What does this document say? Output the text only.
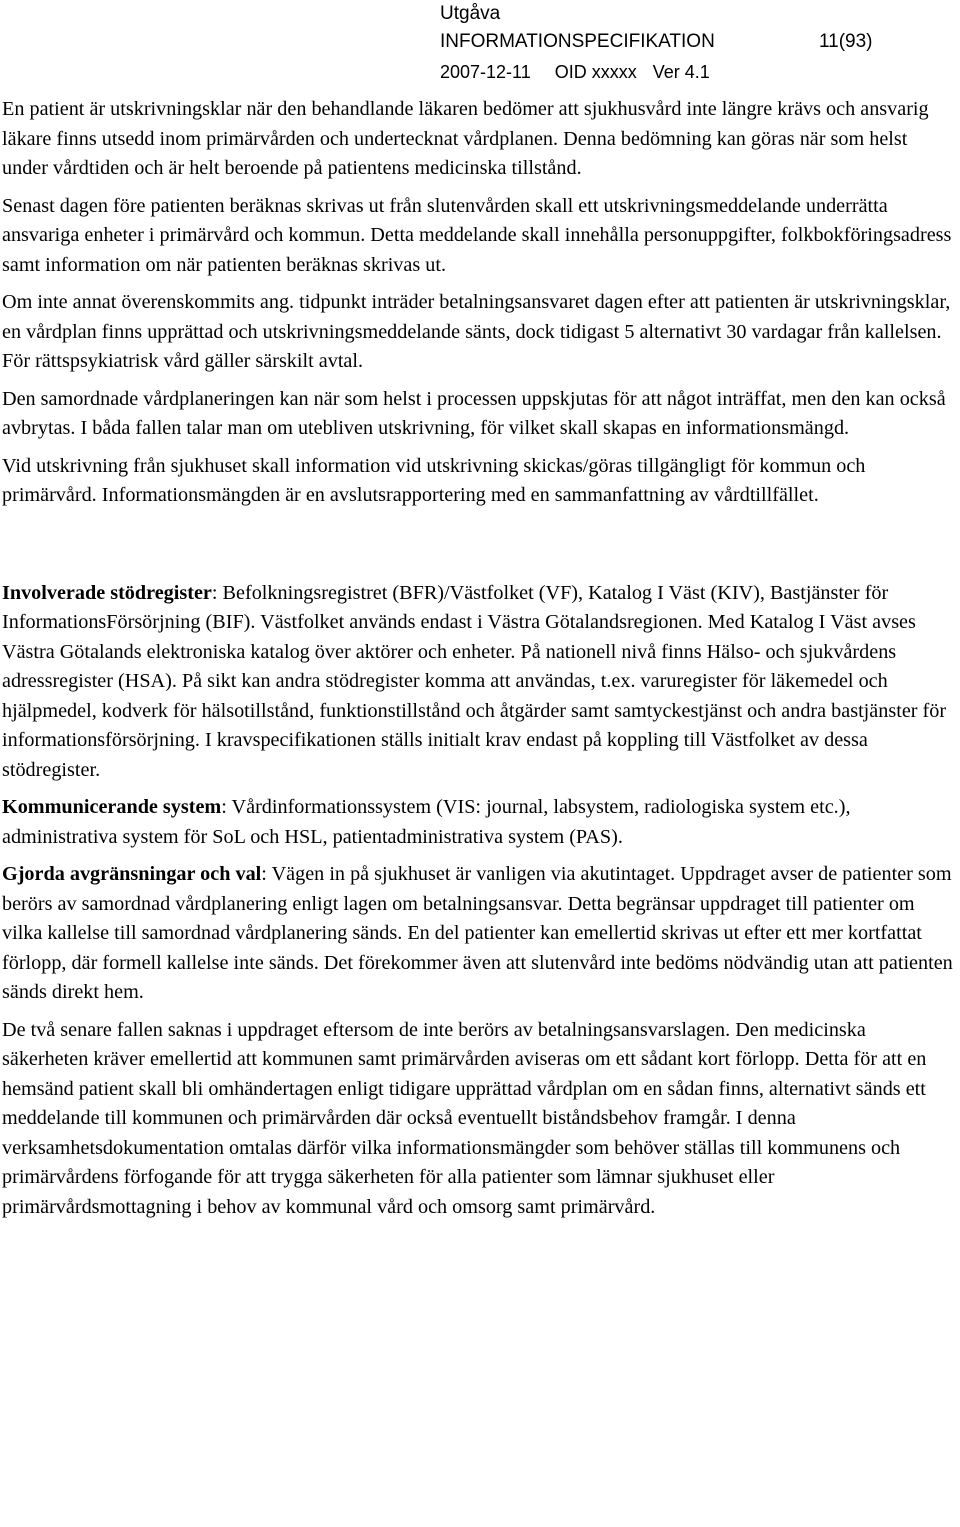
Utgåva
INFORMATIONSPECIFIKATION	11(93)
2007-12-11 OID xxxxx Ver 4.1

En patient är utskrivningsklar när den behandlande läkaren bedömer att sjukhusvård inte längre krävs och ansvarig läkare finns utsedd inom primärvården och undertecknat vårdplanen. Denna bedömning kan göras när som helst under vårdtiden och är helt beroende på patientens medicinska tillstånd.

Senast dagen före patienten beräknas skrivas ut från slutenvården skall ett utskrivningsmeddelande underrätta ansvariga enheter i primärvård och kommun. Detta meddelande skall innehålla personuppgifter, folkbokföringsadress samt information om när patienten beräknas skrivas ut.

Om inte annat överenskommits ang. tidpunkt inträder betalningsansvaret dagen efter att patienten är utskrivningsklar, en vårdplan finns upprättad och utskrivningsmeddelande sänts, dock tidigast 5 alternativt 30 vardagar från kallelsen. För rättspsykiatrisk vård gäller särskilt avtal.

Den samordnade vårdplaneringen kan när som helst i processen uppskjutas för att något inträffat, men den kan också avbrytas. I båda fallen talar man om utebliven utskrivning, för vilket skall skapas en informationsmängd.

Vid utskrivning från sjukhuset skall information vid utskrivning skickas/göras tillgängligt för kommun och primärvård. Informationsmängden är en avslutsrapportering med en sammanfattning av vårdtillfället.

Involverade stödregister: Befolkningsregistret (BFR)/Västfolket (VF), Katalog I Väst (KIV), Bastjänster för InformationsFörsörjning (BIF). Västfolket används endast i Västra Götalandsregionen. Med Katalog I Väst avses Västra Götalands elektroniska katalog över aktörer och enheter. På nationell nivå finns Hälso- och sjukvårdens adressregister (HSA). På sikt kan andra stödregister komma att användas, t.ex. varuregister för läkemedel och hjälpmedel, kodverk för hälsotillstånd, funktionstillstånd och åtgärder samt samtyckestjänst och andra bastjänster för informationsförsörjning. I kravspecifikationen ställs initialt krav endast på koppling till Västfolket av dessa stödregister.

Kommunicerande system: Vårdinformationssystem (VIS: journal, labsystem, radiologiska system etc.), administrativa system för SoL och HSL, patientadministrativa system (PAS).

Gjorda avgränsningar och val: Vägen in på sjukhuset är vanligen via akutintaget. Uppdraget avser de patienter som berörs av samordnad vårdplanering enligt lagen om betalningsansvar. Detta begränsar uppdraget till patienter om vilka kallelse till samordnad vårdplanering sänds. En del patienter kan emellertid skrivas ut efter ett mer kortfattat förlopp, där formell kallelse inte sänds. Det förekommer även att slutenvård inte bedöms nödvändig utan att patienten sänds direkt hem.

De två senare fallen saknas i uppdraget eftersom de inte berörs av betalningsansvarslagen. Den medicinska säkerheten kräver emellertid att kommunen samt primärvården aviseras om ett sådant kort förlopp. Detta för att en hemsänd patient skall bli omhändertagen enligt tidigare upprättad vårdplan om en sådan finns, alternativt sänds ett meddelande till kommunen och primärvården där också eventuellt biståndsbehov framgår. I denna verksamhetsdokumentation omtalas därför vilka informationsmängder som behöver ställas till kommunens och primärvårdens förfogande för att trygga säkerheten för alla patienter som lämnar sjukhuset eller primärvårdsmottagning i behov av kommunal vård och omsorg samt primärvård.
